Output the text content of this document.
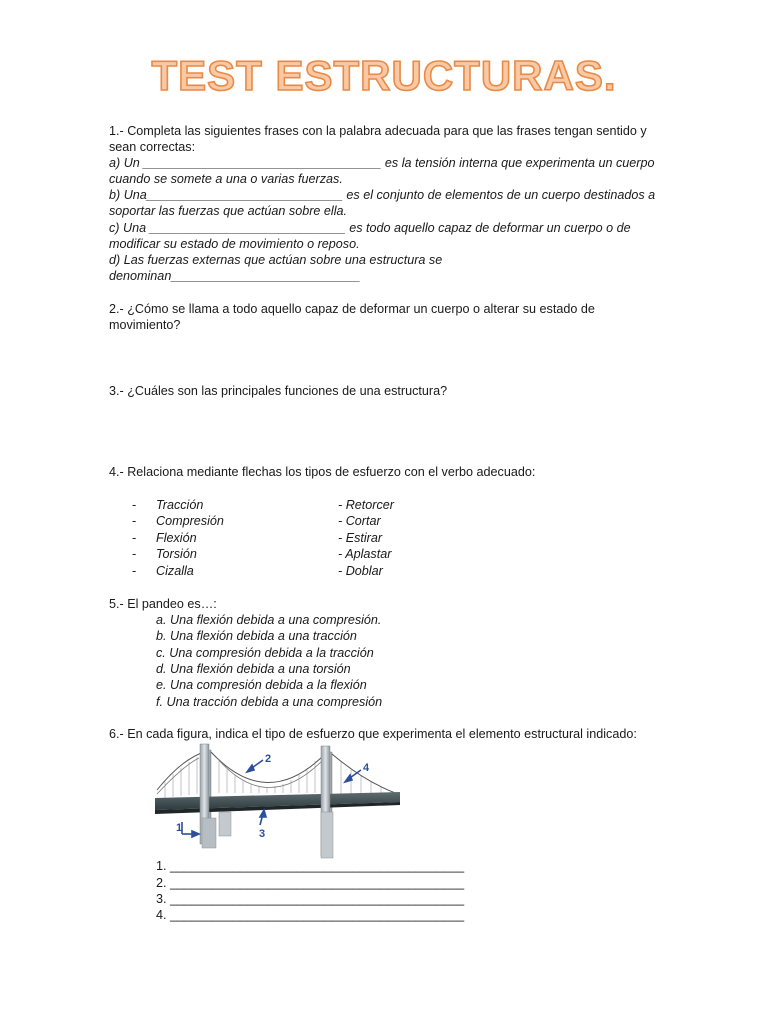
TEST ESTRUCTURAS.
1.- Completa las siguientes frases con la palabra adecuada para que las frases tengan sentido y
sean correctas:
a) Un __________________________________ es la tensión interna que experimenta un cuerpo
cuando se somete a una o varias fuerzas.
b) Una____________________________ es el conjunto de elementos de un cuerpo destinados a
soportar las fuerzas que actúan sobre ella.
c) Una ____________________________ es todo aquello capaz de deformar un cuerpo o de
modificar su estado de movimiento o reposo.
d) Las fuerzas externas que actúan sobre una estructura se
denominan___________________________
2.- ¿Cómo se llama a todo aquello capaz de deformar un cuerpo o alterar su estado de
movimiento?
3.- ¿Cuáles son las principales funciones de una estructura?
4.- Relaciona mediante flechas los tipos de esfuerzo con el verbo adecuado:
-
-
-
-
-
Tracción
Compresión
Flexión
Torsión
Cizalla
- Retorcer
- Cortar
- Estirar
- Aplastar
- Doblar
5.- El pandeo es…:
a. Una flexión debida a una compresión.
b. Una flexión debida a una tracción
c. Una compresión debida a la tracción
d. Una flexión debida a una torsión
e. Una compresión debida a la flexión
f. Una tracción debida a una compresión
6.- En cada figura, indica el tipo de esfuerzo que experimenta el elemento estructural indicado:
2
3
4
1
1. __________________________________________
2. __________________________________________
3. __________________________________________
4. __________________________________________
